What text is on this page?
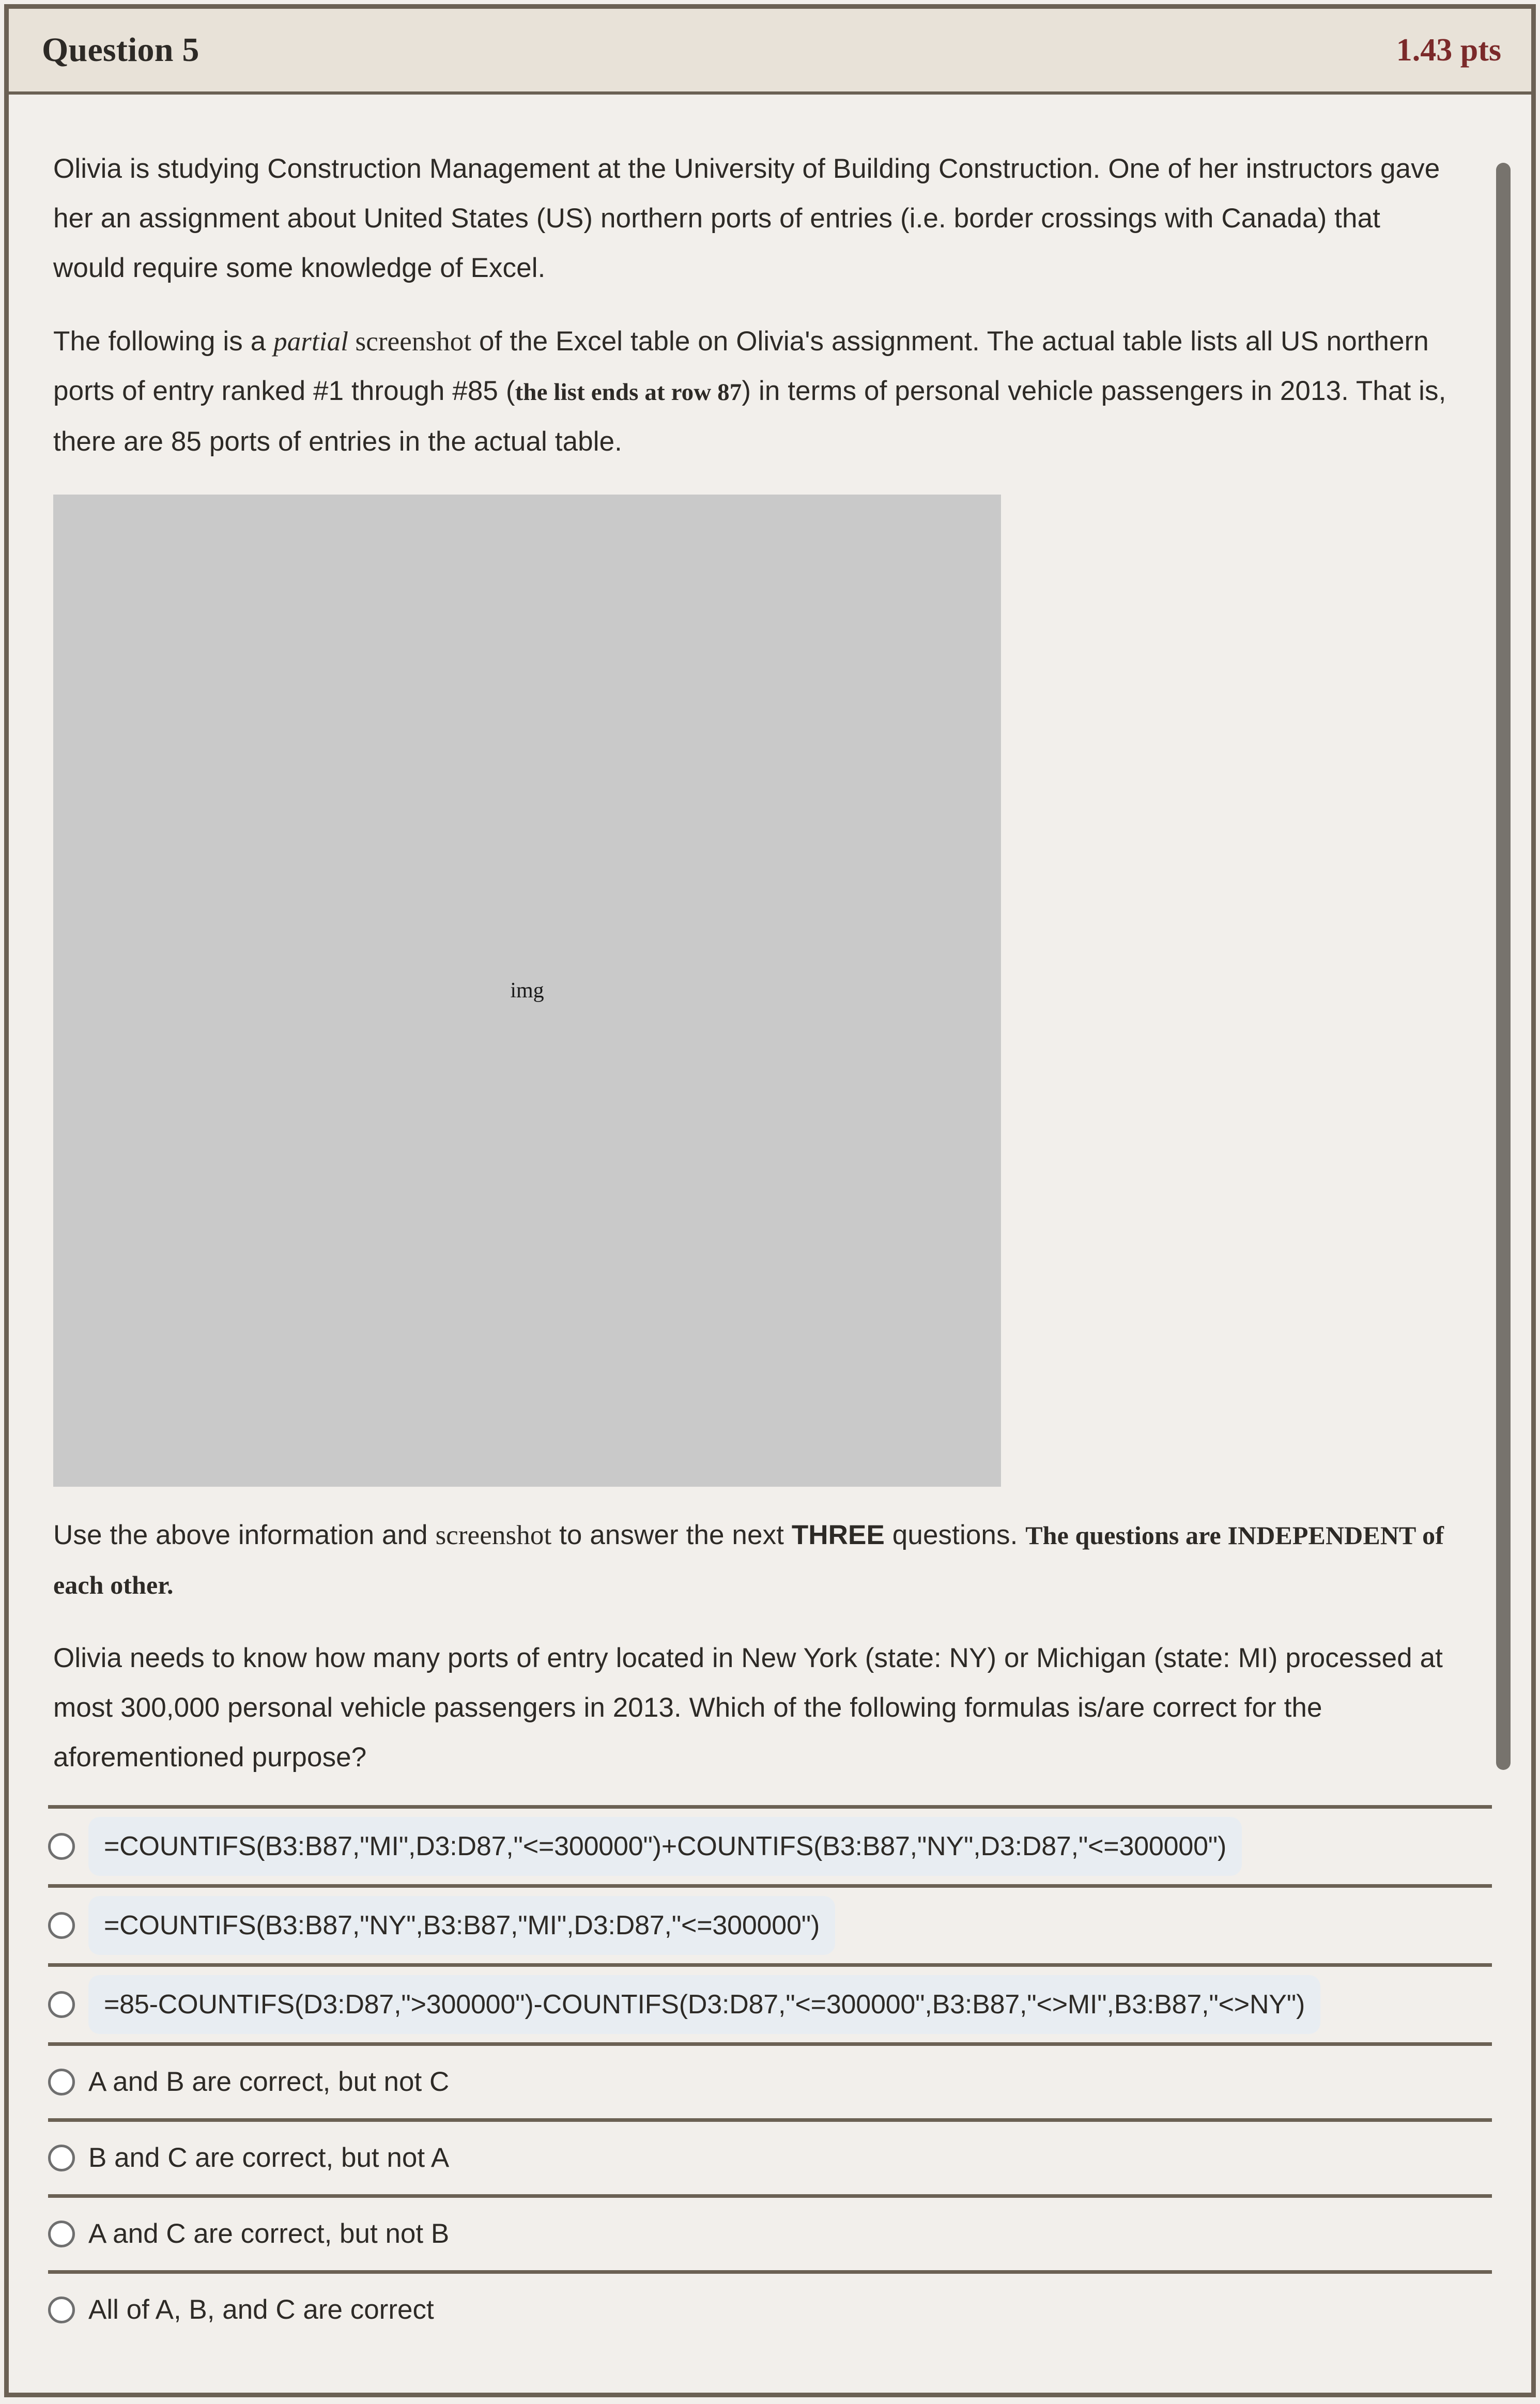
Question 5	1.43 pts

Olivia is studying Construction Management at the University of Building Construction. One of her instructors gave her an assignment about United States (US) northern ports of entries (i.e. border crossings with Canada) that would require some knowledge of Excel.

The following is a partial screenshot of the Excel table on Olivia's assignment. The actual table lists all US northern ports of entry ranked #1 through #85 (the list ends at row 87) in terms of personal vehicle passengers in 2013. That is, there are 85 ports of entries in the actual table.

img

Use the above information and screenshot to answer the next THREE questions. The questions are INDEPENDENT of each other.

Olivia needs to know how many ports of entry located in New York (state: NY) or Michigan (state: MI) processed at most 300,000 personal vehicle passengers in 2013. Which of the following formulas is/are correct for the aforementioned purpose?

=COUNTIFS(B3:B87,"MI",D3:D87,"<=300000")+COUNTIFS(B3:B87,"NY",D3:D87,"<=300000")
=COUNTIFS(B3:B87,"NY",B3:B87,"MI",D3:D87,"<=300000")
=85-COUNTIFS(D3:D87,">300000")-COUNTIFS(D3:D87,"<=300000",B3:B87,"<>MI",B3:B87,"<>NY")
A and B are correct, but not C
B and C are correct, but not A
A and C are correct, but not B
All of A, B, and C are correct
